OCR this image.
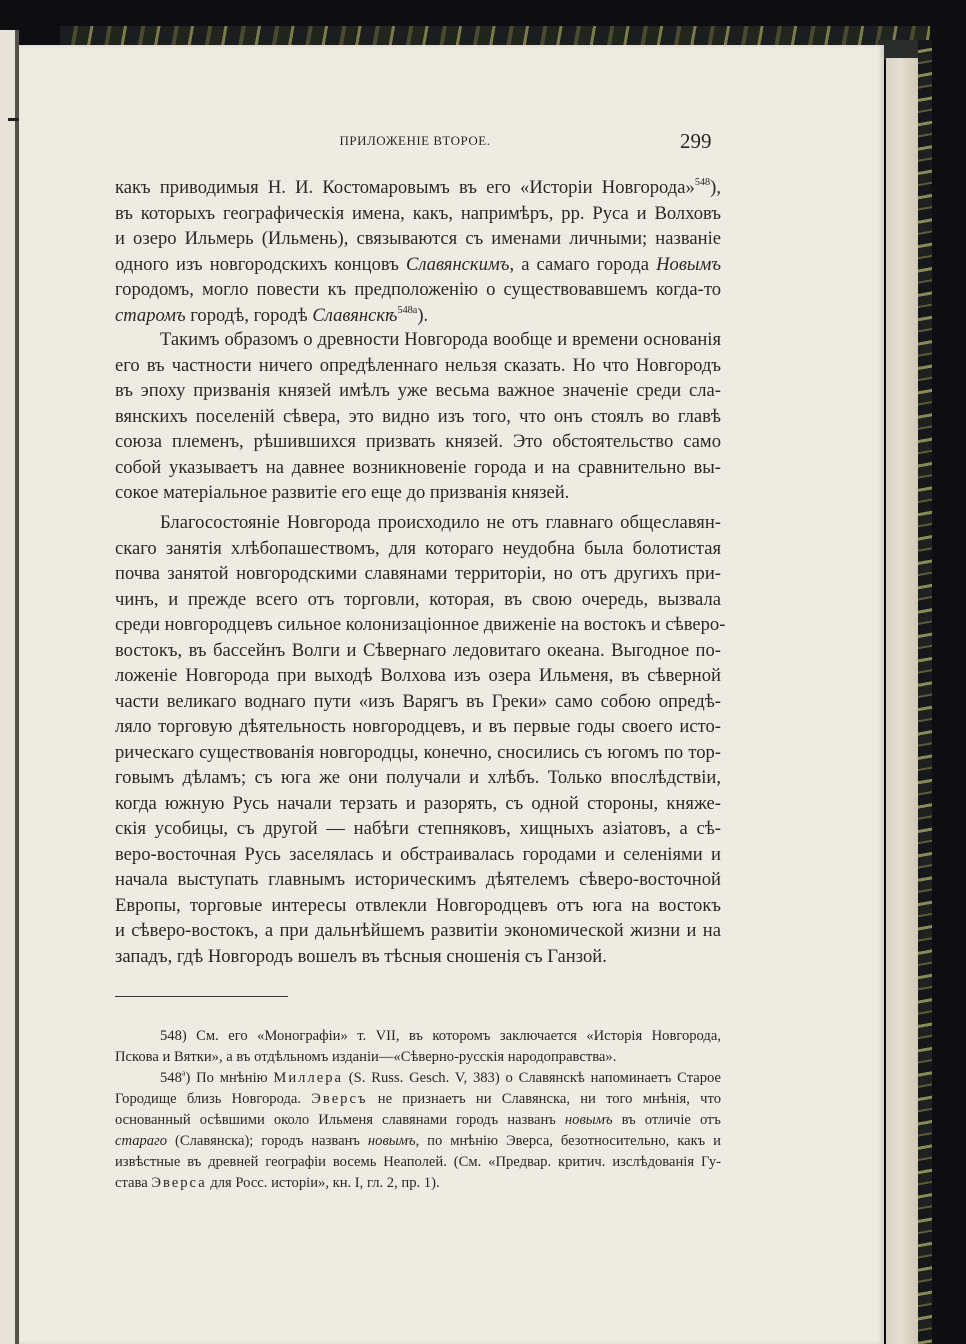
ПРИЛОЖЕНІЕ ВТОРОЕ.	299
какъ приводимыя Н. И. Костомаровымъ въ его «Исторіи Новгорода»$^{548}$),
въ которыхъ географическія имена, какъ, напримѣръ, рр. Руса и Волховъ
и озеро Ильмерь (Ильмень), связываются съ именами личными; названіе
одного изъ новгородскихъ концовъ Славянскимъ, а самаго города Новымъ
городомъ, могло повести къ предположенію о существовавшемъ когда-то
старомъ городѣ, городѣ Славянскѣ$^{548a}$).
Такимъ образомъ о древности Новгорода вообще и времени основанія
его въ частности ничего опредѣленнаго нельзя сказать. Но что Новгородъ
въ эпоху призванія князей имѣлъ уже весьма важное значеніе среди сла-
вянскихъ поселеній сѣвера, это видно изъ того, что онъ стоялъ во главѣ
союза племенъ, рѣшившихся призвать князей. Это обстоятельство само
собой указываетъ на давнее возникновеніе города и на сравнительно вы-
сокое матеріальное развитіе его еще до призванія князей.
Благосостояніе Новгорода происходило не отъ главнаго общеславян-
скаго занятія хлѣбопашествомъ, для котораго неудобна была болотистая
почва занятой новгородскими славянами территоріи, но отъ другихъ при-
чинъ, и прежде всего отъ торговли, которая, въ свою очередь, вызвала
среди новгородцевъ сильное колонизаціонное движеніе на востокъ и сѣверо-
востокъ, въ бассейнъ Волги и Сѣвернаго ледовитаго океана. Выгодное по-
ложеніе Новгорода при выходѣ Волхова изъ озера Ильменя, въ сѣверной
части великаго воднаго пути «изъ Варягъ въ Греки» само собою опредѣ-
ляло торговую дѣятельность новгородцевъ, и въ первые годы своего исто-
рическаго существованія новгородцы, конечно, сносились съ югомъ по тор-
говымъ дѣламъ; съ юга же они получали и хлѣбъ. Только впослѣдствіи,
когда южную Русь начали терзать и разорять, съ одной стороны, княже-
скія усобицы, съ другой — набѣги степняковъ, хищныхъ азіатовъ, а сѣ-
веро-восточная Русь заселялась и обстраивалась городами и селеніями и
начала выступать главнымъ историческимъ дѣятелемъ сѣверо-восточной
Европы, торговые интересы отвлекли Новгородцевъ отъ юга на востокъ
и сѣверо-востокъ, а при дальнѣйшемъ развитіи экономической жизни и на
западъ, гдѣ Новгородъ вошелъ въ тѣсныя сношенія съ Ганзой.
548) См. его «Монографіи» т. VII, въ которомъ заключается «Исторія Новгорода,
Пскова и Вятки», а въ отдѣльномъ изданіи—«Сѣверно-русскія народоправства».
548$^a$) По мнѣнію Миллера (S. Russ. Gesch. V, 383) о Славянскѣ напоминаетъ Старое
Городище близь Новгорода. Эверсъ не признаетъ ни Славянска, ни того мнѣнія, что
основанный осѣвшими около Ильменя славянами городъ названъ новымъ въ отличіе отъ
стараго (Славянска); городъ названъ новымъ, по мнѣнію Эверса, безотносительно, какъ и
извѣстные въ древней географіи восемь Неаполей. (См. «Предвар. критич. изслѣдованія Гу-
става Эверса для Росс. исторіи», кн. I, гл. 2, пр. 1).
